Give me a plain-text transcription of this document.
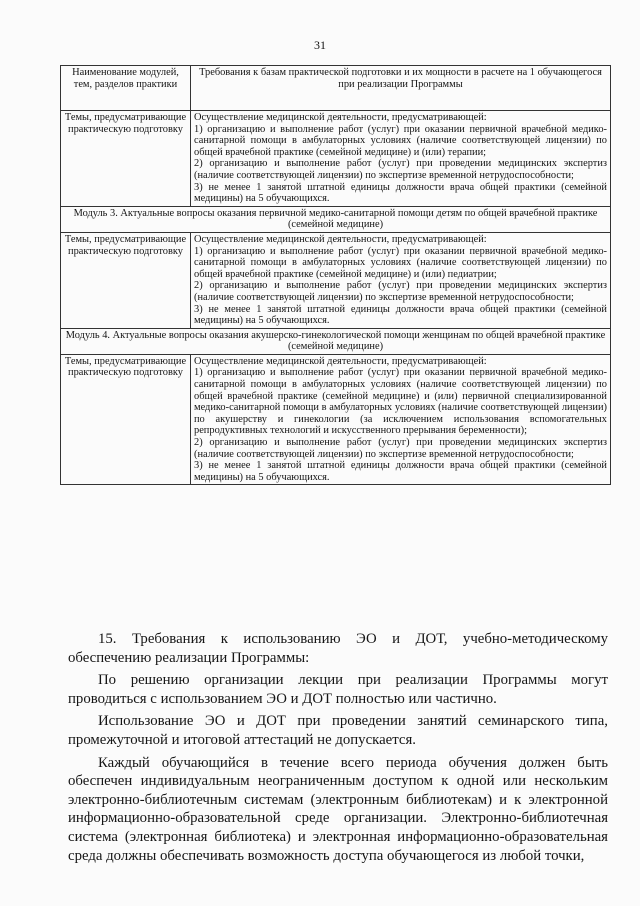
31
Наименование модулей, тем, разделов практики	Требования к базам практической подготовки и их мощности в расчете на 1 обучающегося при реализации Программы
Темы, предусматривающие практическую подготовку	Осуществление медицинской деятельности, предусматривающей:

1) организацию и выполнение работ (услуг) при оказании первичной врачебной медико-санитарной помощи в амбулаторных условиях (наличие соответствующей лицензии) по общей врачебной практике (семейной медицине) и (или) терапии;

2) организацию и выполнение работ (услуг) при проведении медицинских экспертиз (наличие соответствующей лицензии) по экспертизе временной нетрудоспособности;

3) не менее 1 занятой штатной единицы должности врача общей практики (семейной медицины) на 5 обучающихся.

Модуль 3. Актуальные вопросы оказания первичной медико-санитарной помощи детям по общей врачебной практике (семейной медицине)	
Темы, предусматривающие практическую подготовку	Осуществление медицинской деятельности, предусматривающей:

1) организацию и выполнение работ (услуг) при оказании первичной врачебной медико-санитарной помощи в амбулаторных условиях (наличие соответствующей лицензии) по общей врачебной практике (семейной медицине) и (или) педиатрии;

2) организацию и выполнение работ (услуг) при проведении медицинских экспертиз (наличие соответствующей лицензии) по экспертизе временной нетрудоспособности;

3) не менее 1 занятой штатной единицы должности врача общей практики (семейной медицины) на 5 обучающихся.

Модуль 4. Актуальные вопросы оказания акушерско-гинекологической помощи женщинам по общей врачебной практике (семейной медицине)	
Темы, предусматривающие практическую подготовку	Осуществление медицинской деятельности, предусматривающей:

1) организацию и выполнение работ (услуг) при оказании первичной врачебной медико-санитарной помощи в амбулаторных условиях (наличие соответствующей лицензии) по общей врачебной практике (семейной медицине) и (или) первичной специализированной медико-санитарной помощи в амбулаторных условиях (наличие соответствующей лицензии) по акушерству и гинекологии (за исключением использования вспомогательных репродуктивных технологий и искусственного прерывания беременности);

2) организацию и выполнение работ (услуг) при проведении медицинских экспертиз (наличие соответствующей лицензии) по экспертизе временной нетрудоспособности;

3) не менее 1 занятой штатной единицы должности врача общей практики (семейной медицины) на 5 обучающихся.

15. Требования к использованию ЭО и ДОТ, учебно-методическому обеспечению реализации Программы:

По решению организации лекции при реализации Программы могут проводиться с использованием ЭО и ДОТ полностью или частично.

Использование ЭО и ДОТ при проведении занятий семинарского типа, промежуточной и итоговой аттестаций не допускается.

Каждый обучающийся в течение всего периода обучения должен быть обеспечен индивидуальным неограниченным доступом к одной или нескольким электронно-библиотечным системам (электронным библиотекам) и к электронной информационно-образовательной среде организации. Электронно-библиотечная система (электронная библиотека) и электронная информационно-образовательная среда должны обеспечивать возможность доступа обучающегося из любой точки,
